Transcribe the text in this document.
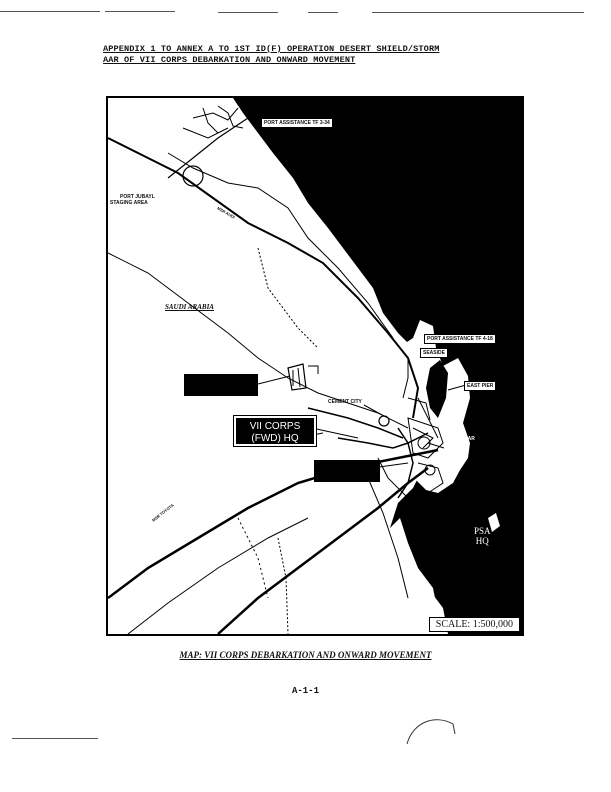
APPENDIX 1 TO ANNEX A TO 1ST ID(F) OPERATION DESERT SHIELD/STORM
AAR OF VII CORPS DEBARKATION AND ONWARD MOVEMENT
PORT ASSISTANCE TF 3-34
PORT JUBAYL
STAGING AREA
MSR AUDI
SAUDI ARABIA
PORT ASSISTANCE TF 4-18
SEASIDE
EAST PIER
CEMENT CITY
AL KHOBAR
HOUSING
AREA
PSA
HQ
MSR TOYOTA
VII CORPS
(FWD) HQ
SCALE: 1:500,000
MAP: VII CORPS DEBARKATION AND ONWARD MOVEMENT
A-1-1
